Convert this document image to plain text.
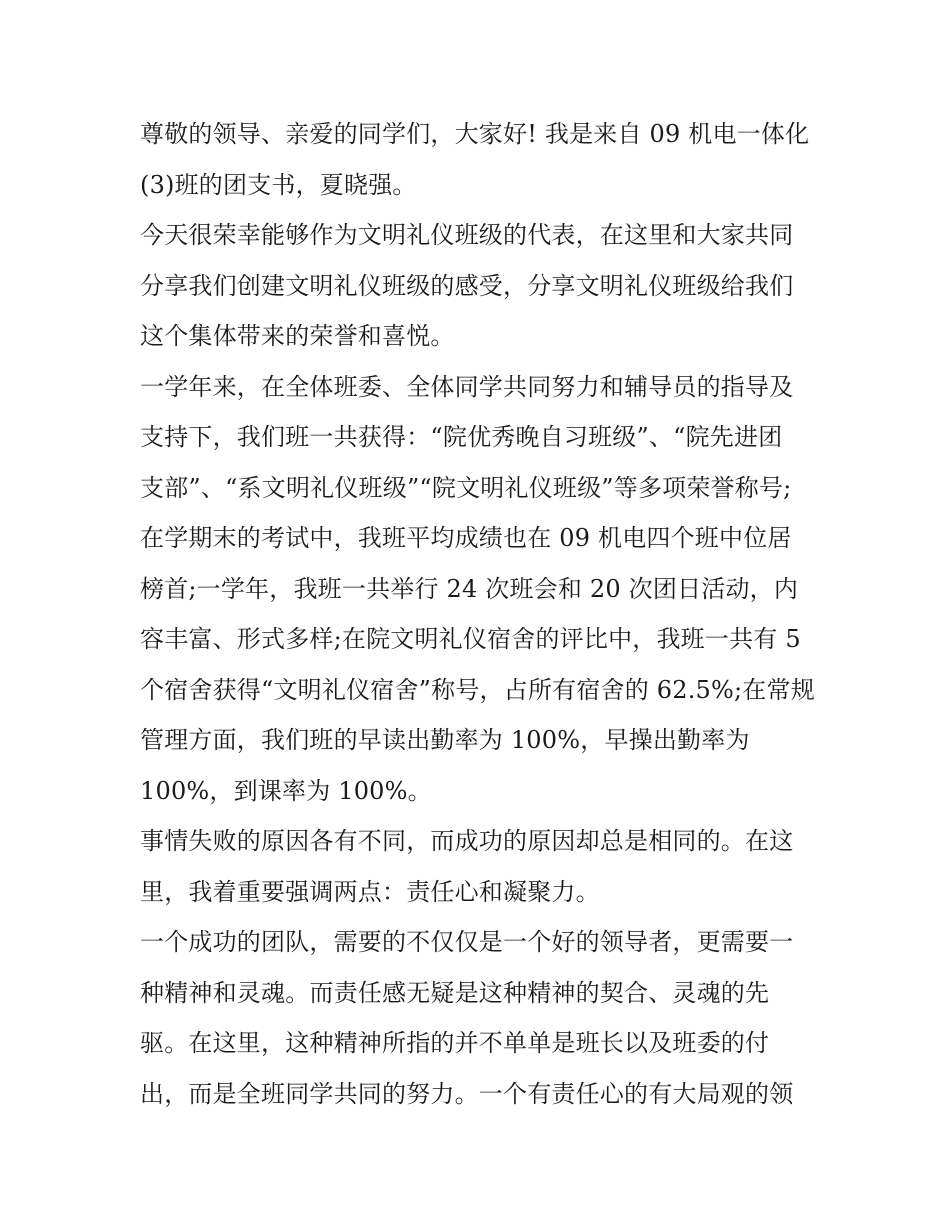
尊敬的领导、亲爱的同学们，大家好! 我是来自 09 机电一体化
(3)班的团支书，夏晓强。
今天很荣幸能够作为文明礼仪班级的代表，在这里和大家共同
分享我们创建文明礼仪班级的感受，分享文明礼仪班级给我们
这个集体带来的荣誉和喜悦。
一学年来，在全体班委、全体同学共同努力和辅导员的指导及
支持下，我们班一共获得：“院优秀晚自习班级”、“院先进团
支部”、“系文明礼仪班级”“院文明礼仪班级”等多项荣誉称号;
在学期末的考试中，我班平均成绩也在 09 机电四个班中位居
榜首;一学年，我班一共举行 24 次班会和 20 次团日活动，内
容丰富、形式多样;在院文明礼仪宿舍的评比中，我班一共有 5
个宿舍获得“文明礼仪宿舍”称号，占所有宿舍的 62.5%;在常规
管理方面，我们班的早读出勤率为 100%，早操出勤率为
100%，到课率为 100%。
事情失败的原因各有不同，而成功的原因却总是相同的。在这
里，我着重要强调两点：责任心和凝聚力。
一个成功的团队，需要的不仅仅是一个好的领导者，更需要一
种精神和灵魂。而责任感无疑是这种精神的契合、灵魂的先
驱。在这里，这种精神所指的并不单单是班长以及班委的付
出，而是全班同学共同的努力。一个有责任心的有大局观的领
